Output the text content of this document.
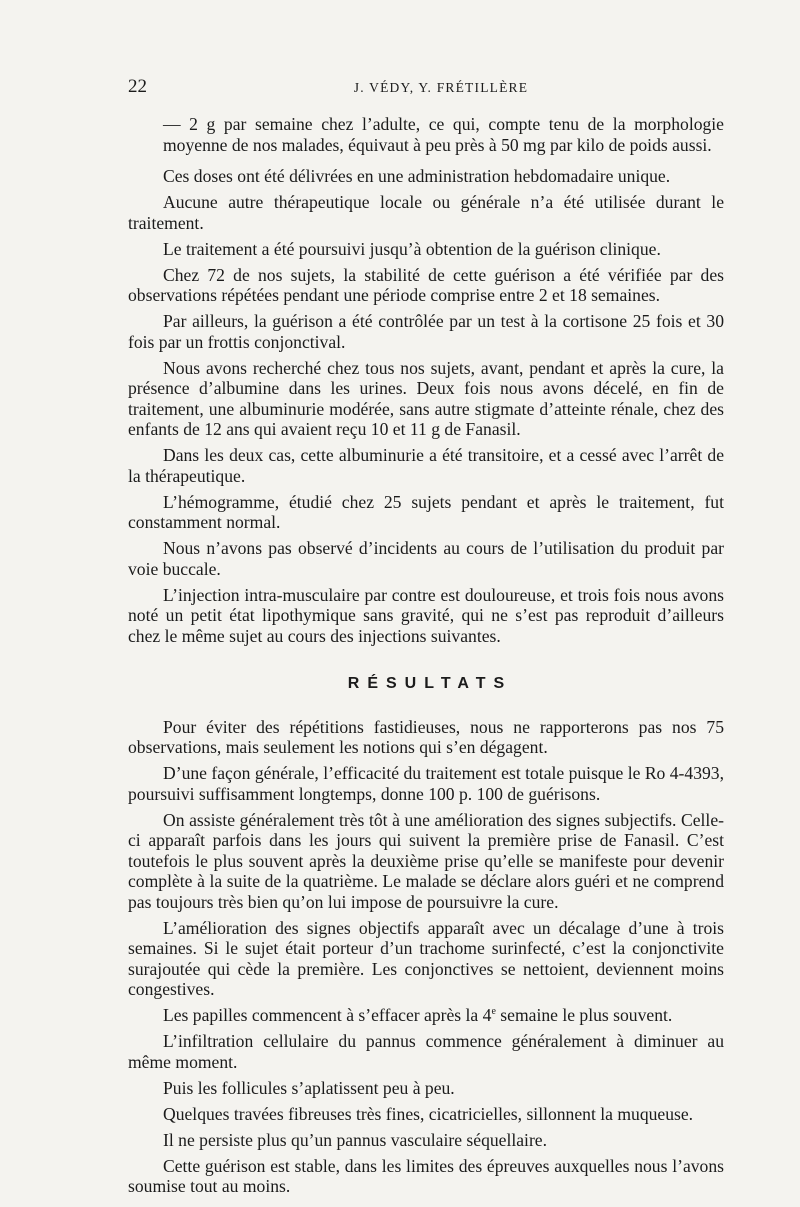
22	J. VÉDY, Y. FRÉTILLÈRE

— 2 g par semaine chez l’adulte, ce qui, compte tenu de la morphologie moyenne de nos malades, équivaut à peu près à 50 mg par kilo de poids aussi.

Ces doses ont été délivrées en une administration hebdomadaire unique.

Aucune autre thérapeutique locale ou générale n’a été utilisée durant le traitement.

Le traitement a été poursuivi jusqu’à obtention de la guérison clinique.

Chez 72 de nos sujets, la stabilité de cette guérison a été vérifiée par des observations répétées pendant une période comprise entre 2 et 18 semaines.

Par ailleurs, la guérison a été contrôlée par un test à la cortisone 25 fois et 30 fois par un frottis conjonctival.

Nous avons recherché chez tous nos sujets, avant, pendant et après la cure, la présence d’albumine dans les urines. Deux fois nous avons décelé, en fin de traitement, une albuminurie modérée, sans autre stigmate d’atteinte rénale, chez des enfants de 12 ans qui avaient reçu 10 et 11 g de Fanasil.

Dans les deux cas, cette albuminurie a été transitoire, et a cessé avec l’arrêt de la thérapeutique.

L’hémogramme, étudié chez 25 sujets pendant et après le traitement, fut constamment normal.

Nous n’avons pas observé d’incidents au cours de l’utilisation du produit par voie buccale.

L’injection intra-musculaire par contre est douloureuse, et trois fois nous avons noté un petit état lipothymique sans gravité, qui ne s’est pas reproduit d’ailleurs chez le même sujet au cours des injections suivantes.

RÉSULTATS

Pour éviter des répétitions fastidieuses, nous ne rapporterons pas nos 75 observations, mais seulement les notions qui s’en dégagent.

D’une façon générale, l’efficacité du traitement est totale puisque le Ro 4-4393, poursuivi suffisamment longtemps, donne 100 p. 100 de guérisons.

On assiste généralement très tôt à une amélioration des signes subjectifs. Celle-ci apparaît parfois dans les jours qui suivent la première prise de Fanasil. C’est toutefois le plus souvent après la deuxième prise qu’elle se manifeste pour devenir complète à la suite de la quatrième. Le malade se déclare alors guéri et ne comprend pas toujours très bien qu’on lui impose de poursuivre la cure.

L’amélioration des signes objectifs apparaît avec un décalage d’une à trois semaines. Si le sujet était porteur d’un trachome surinfecté, c’est la conjonctivite surajoutée qui cède la première. Les conjonctives se nettoient, deviennent moins congestives.

Les papilles commencent à s’effacer après la 4e semaine le plus souvent.

L’infiltration cellulaire du pannus commence généralement à diminuer au même moment.

Puis les follicules s’aplatissent peu à peu.

Quelques travées fibreuses très fines, cicatricielles, sillonnent la muqueuse.

Il ne persiste plus qu’un pannus vasculaire séquellaire.

Cette guérison est stable, dans les limites des épreuves auxquelles nous l’avons soumise tout au moins.
